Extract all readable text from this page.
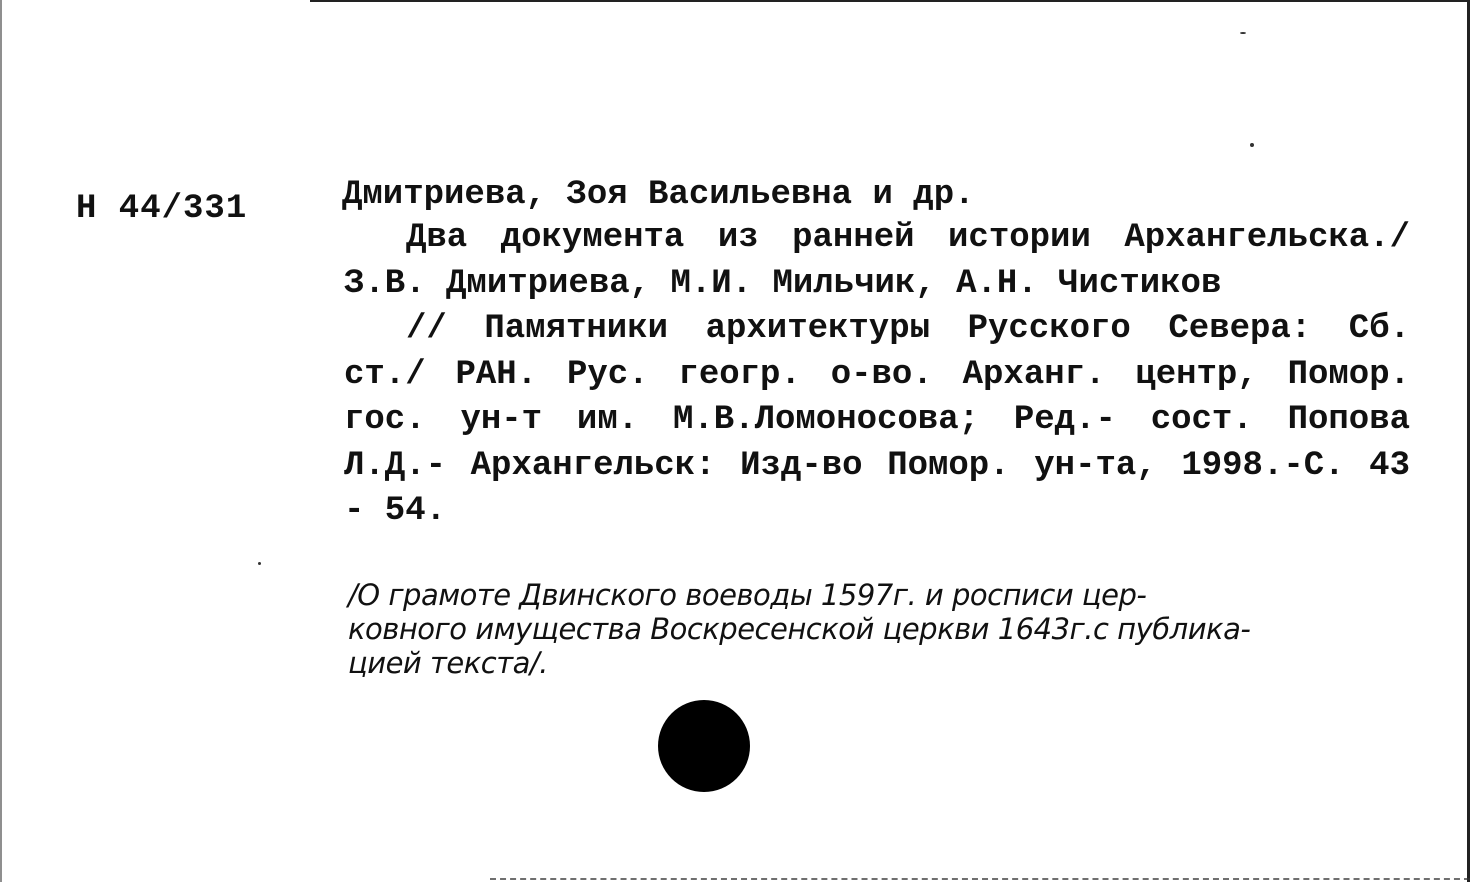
Н 44/331	Дмитриева, Зоя Васильевна и др.

Два документа из ранней истории Архангельска./ З.В. Дмитриева, М.И. Мильчик, А.Н. Чистиков

// Памятники архитектуры Русского Севера: Сб. ст./ РАН. Рус. геогр. о-во. Арханг. центр, Помор. гос. ун-т им. М.В.Ломоносова; Ред.- сост. Попова Л.Д.- Архангельск: Изд-во Помор. ун-та, 1998.-С. 43 - 54.

/О грамоте Двинского воеводы 1597г. и росписи цер-
ковного имущества Воскресенской церкви 1643г.с публика-
цией текста/.
